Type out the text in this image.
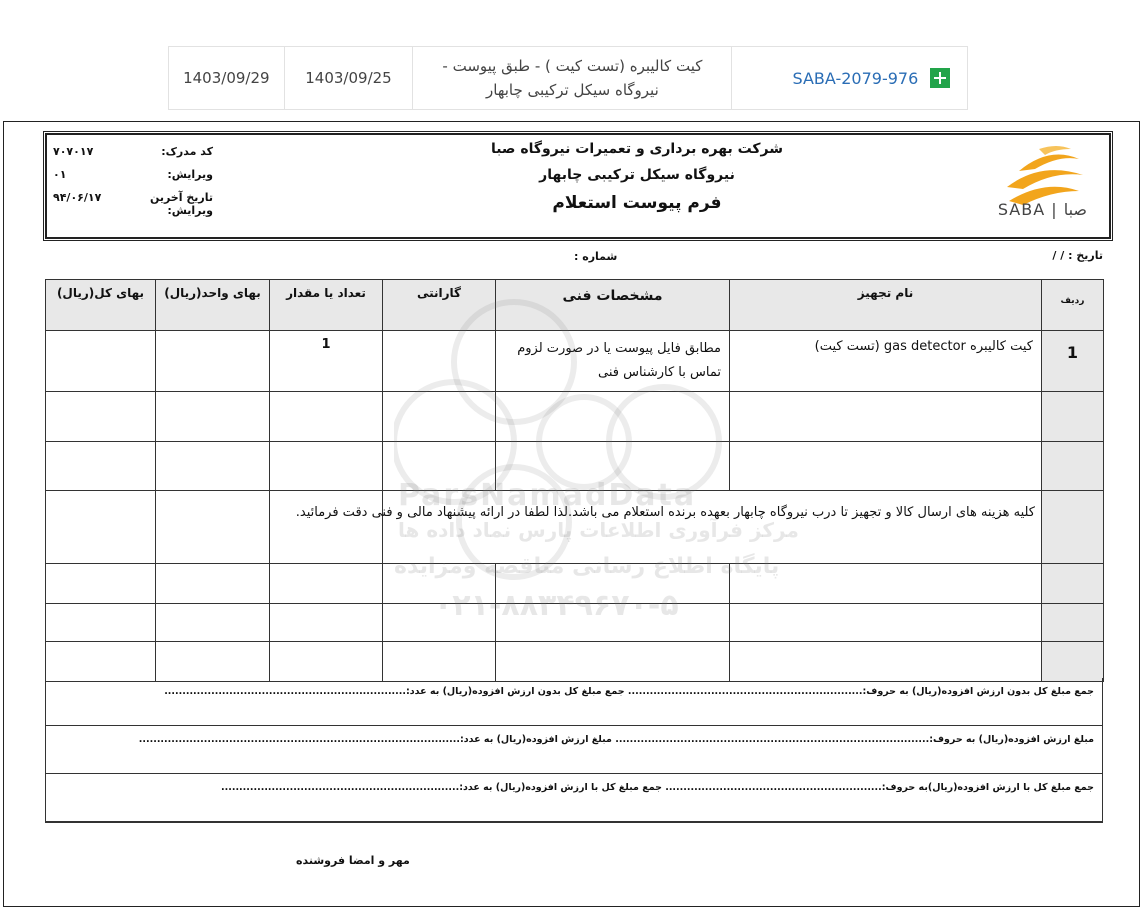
1403/09/29	1403/09/25
کیت کالیبره (تست کیت ) - طبق پیوست - نیروگاه سیکل ترکیبی چابهار
SABA-2079-976
کد مدرک:
۷۰۷۰۱۷
ویرایش:
۰۱
تاریخ آخرین ویرایش:
۹۴/۰۶/۱۷
شرکت بهره برداری و تعمیرات نیروگاه صبا
نیروگاه سیکل ترکیبی چابهار
فرم پیوست استعلام	SABA | صبا
تاریخ : / /
شماره :
ردیف	نام تجهیز	مشخصات فنی	گارانتی	تعداد یا مقدار	بهای واحد(ریال)	بهای کل(ریال)
1	کیت کالیبره gas detector (تست کیت)	مطابق فایل پیوست یا در صورت لزوم تماس با کارشناس فنی		1		

	کلیه هزینه های ارسال کالا و تجهیز تا درب نیروگاه چابهار بعهده برنده استعلام می باشد.لذا لطفا در ارائه پیشنهاد مالی و فنی دقت فرمائید.					

جمع مبلغ کل بدون ارزش افزوده(ریال) به حروف:................................................................. جمع مبلغ کل بدون ارزش افزوده(ریال) به عدد:...................................................................
مبلغ ارزش افزوده(ریال) به حروف:....................................................................................... مبلغ ارزش افزوده(ریال) به عدد:.........................................................................................
جمع مبلغ کل با ارزش افزوده(ریال)به حروف:............................................................ جمع مبلغ کل با ارزش افزوده(ریال) به عدد:..................................................................
مهر و امضا فروشنده
ParsNamadData
مرکز فرآوری اطلاعات پارس نماد داده ها
پایگاه اطلاع رسانی مناقصه ومزایده
۰۲۱-۸۸۳۴۹۶۷۰-۵
